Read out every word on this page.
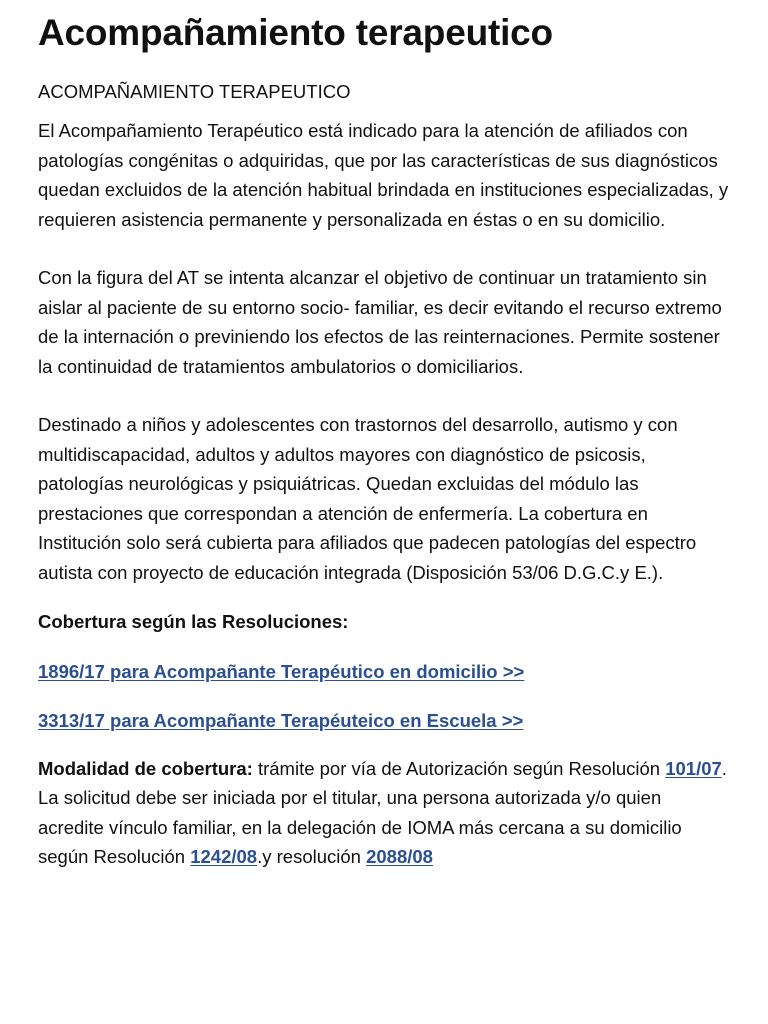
Acompañamiento terapeutico

ACOMPAÑAMIENTO TERAPEUTICO

El Acompañamiento Terapéutico está indicado para la atención de afiliados con patologías congénitas o adquiridas, que por las características de sus diagnósticos quedan excluidos de la atención habitual brindada en instituciones especializadas, y requieren asistencia permanente y personalizada en éstas o en su domicilio.

Con la figura del AT se intenta alcanzar el objetivo de continuar un tratamiento sin aislar al paciente de su entorno socio- familiar, es decir evitando el recurso extremo de la internación o previniendo los efectos de las reinternaciones. Permite sostener la continuidad de tratamientos ambulatorios o domiciliarios.

Destinado a niños y adolescentes con trastornos del desarrollo, autismo y con multidiscapacidad, adultos y adultos mayores con diagnóstico de psicosis, patologías neurológicas y psiquiátricas. Quedan excluidas del módulo las prestaciones que correspondan a atención de enfermería. La cobertura en Institución solo será cubierta para afiliados que padecen patologías del espectro autista con proyecto de educación integrada (Disposición 53/06 D.G.C.y E.).

Cobertura según las Resoluciones:

1896/17 para Acompañante Terapéutico en domicilio >>
3313/17 para Acompañante Terapéuteico en Escuela >>

Modalidad de cobertura: trámite por vía de Autorización según Resolución 101/07.
La solicitud debe ser iniciada por el titular, una persona autorizada y/o quien acredite vínculo familiar, en la delegación de IOMA más cercana a su domicilio según Resolución 1242/08.y resolución 2088/08
